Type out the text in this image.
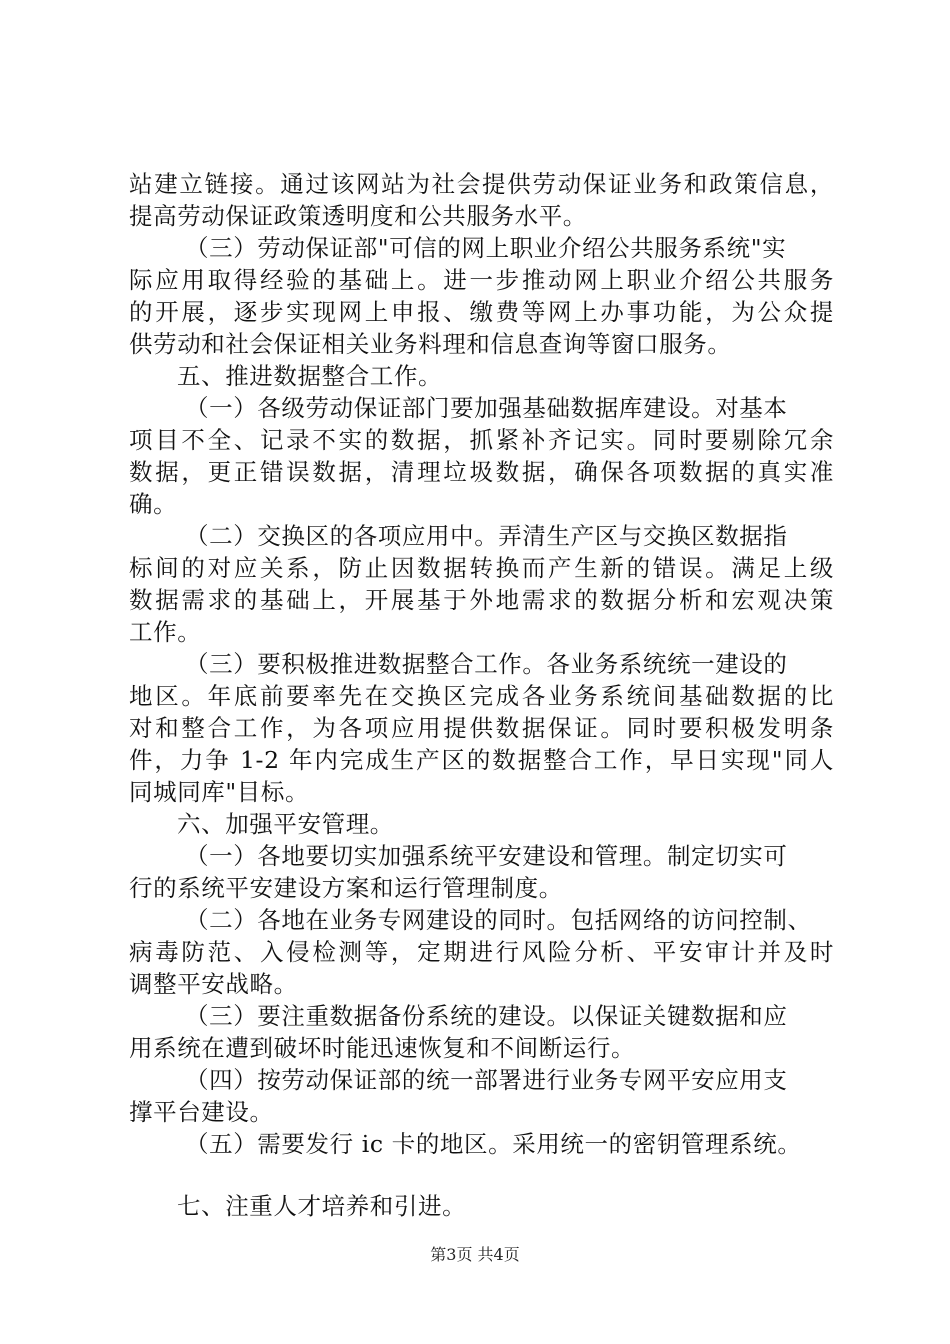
站建立链接。通过该网站为社会提供劳动保证业务和政策信息，
提高劳动保证政策透明度和公共服务水平。
（三）劳动保证部"可信的网上职业介绍公共服务系统"实
际应用取得经验的基础上。进一步推动网上职业介绍公共服务
的开展，逐步实现网上申报、缴费等网上办事功能，为公众提
供劳动和社会保证相关业务料理和信息查询等窗口服务。
五、推进数据整合工作。
（一）各级劳动保证部门要加强基础数据库建设。对基本
项目不全、记录不实的数据，抓紧补齐记实。同时要剔除冗余
数据，更正错误数据，清理垃圾数据，确保各项数据的真实准
确。
（二）交换区的各项应用中。弄清生产区与交换区数据指
标间的对应关系，防止因数据转换而产生新的错误。满足上级
数据需求的基础上，开展基于外地需求的数据分析和宏观决策
工作。
（三）要积极推进数据整合工作。各业务系统统一建设的
地区。年底前要率先在交换区完成各业务系统间基础数据的比
对和整合工作，为各项应用提供数据保证。同时要积极发明条
件，力争 1-2 年内完成生产区的数据整合工作，早日实现"同人
同城同库"目标。
六、加强平安管理。
（一）各地要切实加强系统平安建设和管理。制定切实可
行的系统平安建设方案和运行管理制度。
（二）各地在业务专网建设的同时。包括网络的访问控制、
病毒防范、入侵检测等，定期进行风险分析、平安审计并及时
调整平安战略。
（三）要注重数据备份系统的建设。以保证关键数据和应
用系统在遭到破坏时能迅速恢复和不间断运行。
（四）按劳动保证部的统一部署进行业务专网平安应用支
撑平台建设。
（五）需要发行 ic 卡的地区。采用统一的密钥管理系统。
七、注重人才培养和引进。
第3页 共4页
